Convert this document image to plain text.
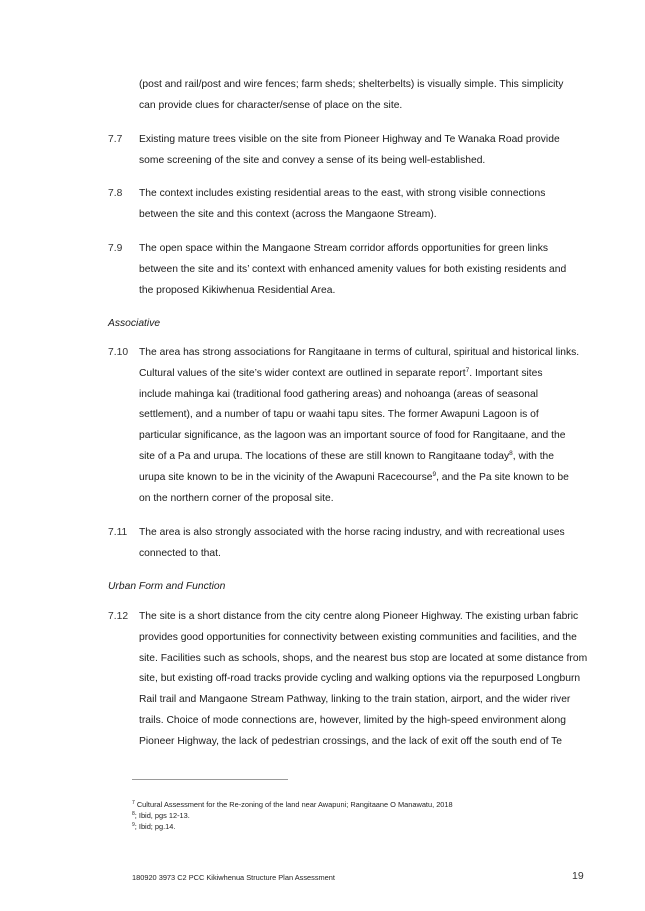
(post and rail/post and wire fences; farm sheds; shelterbelts) is visually simple. This simplicity
can provide clues for character/sense of place on the site.
7.7 Existing mature trees visible on the site from Pioneer Highway and Te Wanaka Road provide
some screening of the site and convey a sense of its being well-established.
7.8 The context includes existing residential areas to the east, with strong visible connections
between the site and this context (across the Mangaone Stream).
7.9 The open space within the Mangaone Stream corridor affords opportunities for green links
between the site and its’ context with enhanced amenity values for both existing residents and
the proposed Kikiwhenua Residential Area.
Associative
7.10 The area has strong associations for Rangitaane in terms of cultural, spiritual and historical links.
Cultural values of the site’s wider context are outlined in separate report$^7$. Important sites
include mahinga kai (traditional food gathering areas) and nohoanga (areas of seasonal
settlement), and a number of tapu or waahi tapu sites. The former Awapuni Lagoon is of
particular significance, as the lagoon was an important source of food for Rangitaane, and the
site of a Pa and urupa. The locations of these are still known to Rangitaane today$^8$, with the
urupa site known to be in the vicinity of the Awapuni Racecourse$^9$, and the Pa site known to be
on the northern corner of the proposal site.
7.11 The area is also strongly associated with the horse racing industry, and with recreational uses
connected to that.
Urban Form and Function
7.12 The site is a short distance from the city centre along Pioneer Highway. The existing urban fabric
provides good opportunities for connectivity between existing communities and facilities, and the
site. Facilities such as schools, shops, and the nearest bus stop are located at some distance from
site, but existing off-road tracks provide cycling and walking options via the repurposed Longburn
Rail trail and Mangaone Stream Pathway, linking to the train station, airport, and the wider river
trails. Choice of mode connections are, however, limited by the high-speed environment along
Pioneer Highway, the lack of pedestrian crossings, and the lack of exit off the south end of Te
$^7$ Cultural Assessment for the Re-zoning of the land near Awapuni; Rangitaane O Manawatu, 2018
$^8$; Ibid, pgs 12-13.
$^9$; Ibid; pg.14.
180920 3973 C2 PCC Kikiwhenua Structure Plan Assessment	19
